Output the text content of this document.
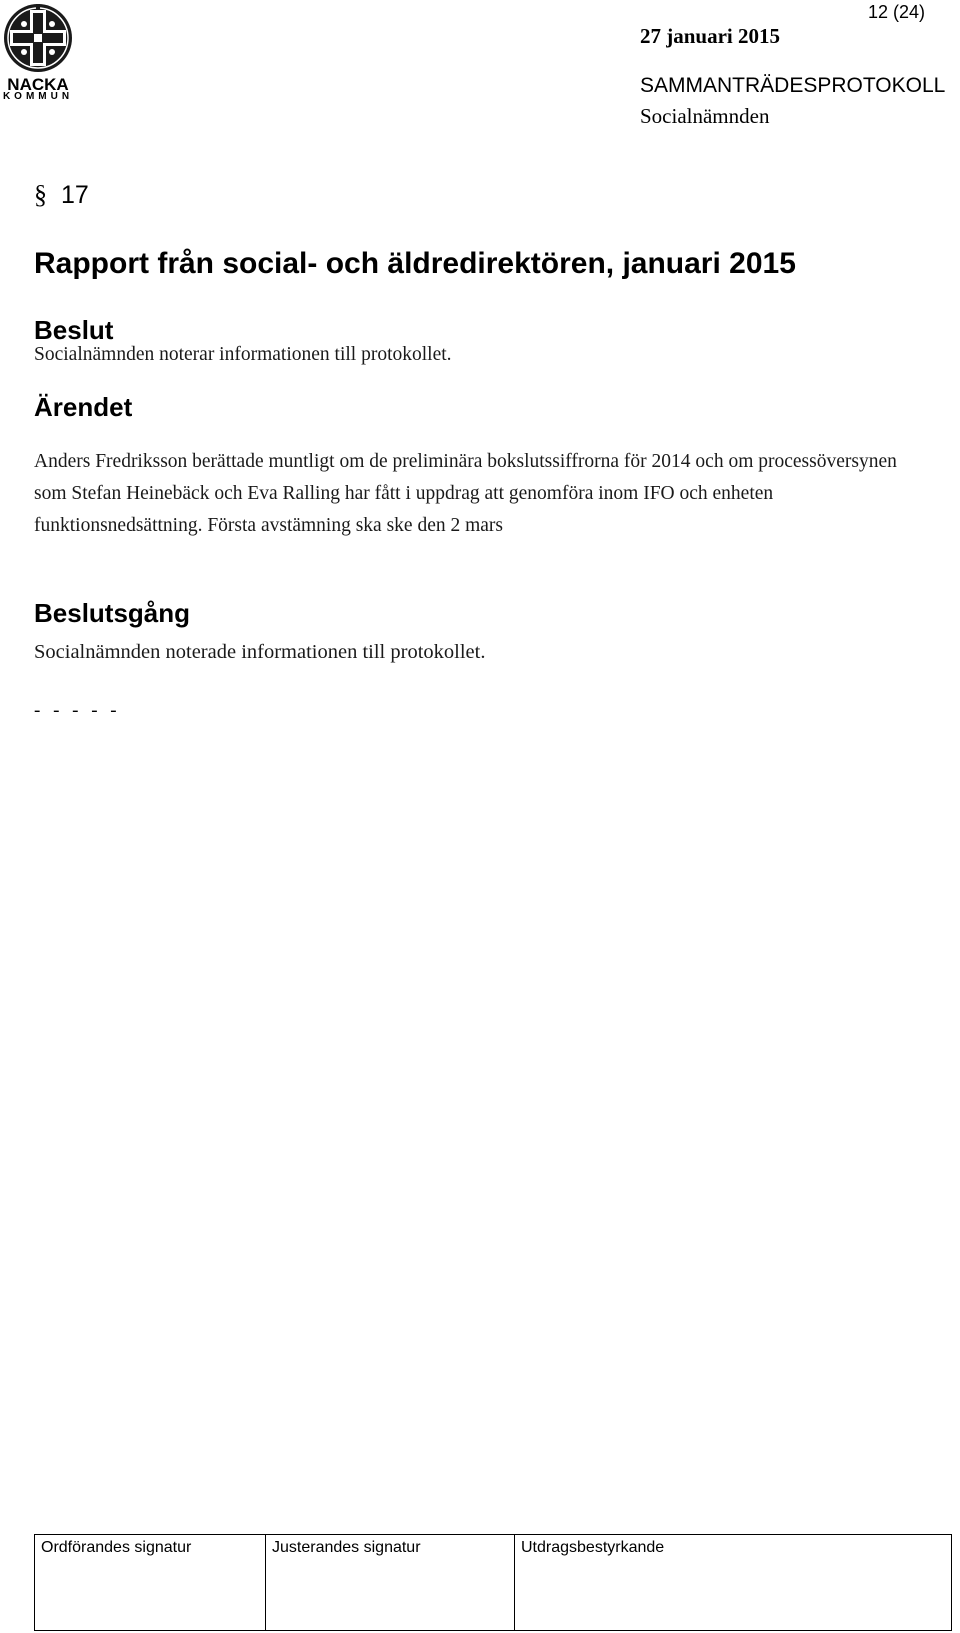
NACKA
KOMMUN
12 (24)
27 januari 2015
SAMMANTRÄDESPROTOKOLL
Socialnämnden
§ 17
Rapport från social- och äldredirektören, januari 2015
Beslut

Socialnämnden noterar informationen till protokollet.

Ärendet

Anders Fredriksson berättade muntligt om de preliminära bokslutssiffrorna för 2014 och om processöversynen som Stefan Heinebäck och Eva Ralling har fått i uppdrag att genomföra inom IFO och enheten funktionsnedsättning. Första avstämning ska ske den 2 mars

Beslutsgång

Socialnämnden noterade informationen till protokollet.

- - - - -
Ordförandes signatur	Justerandes signatur	Utdragsbestyrkande
